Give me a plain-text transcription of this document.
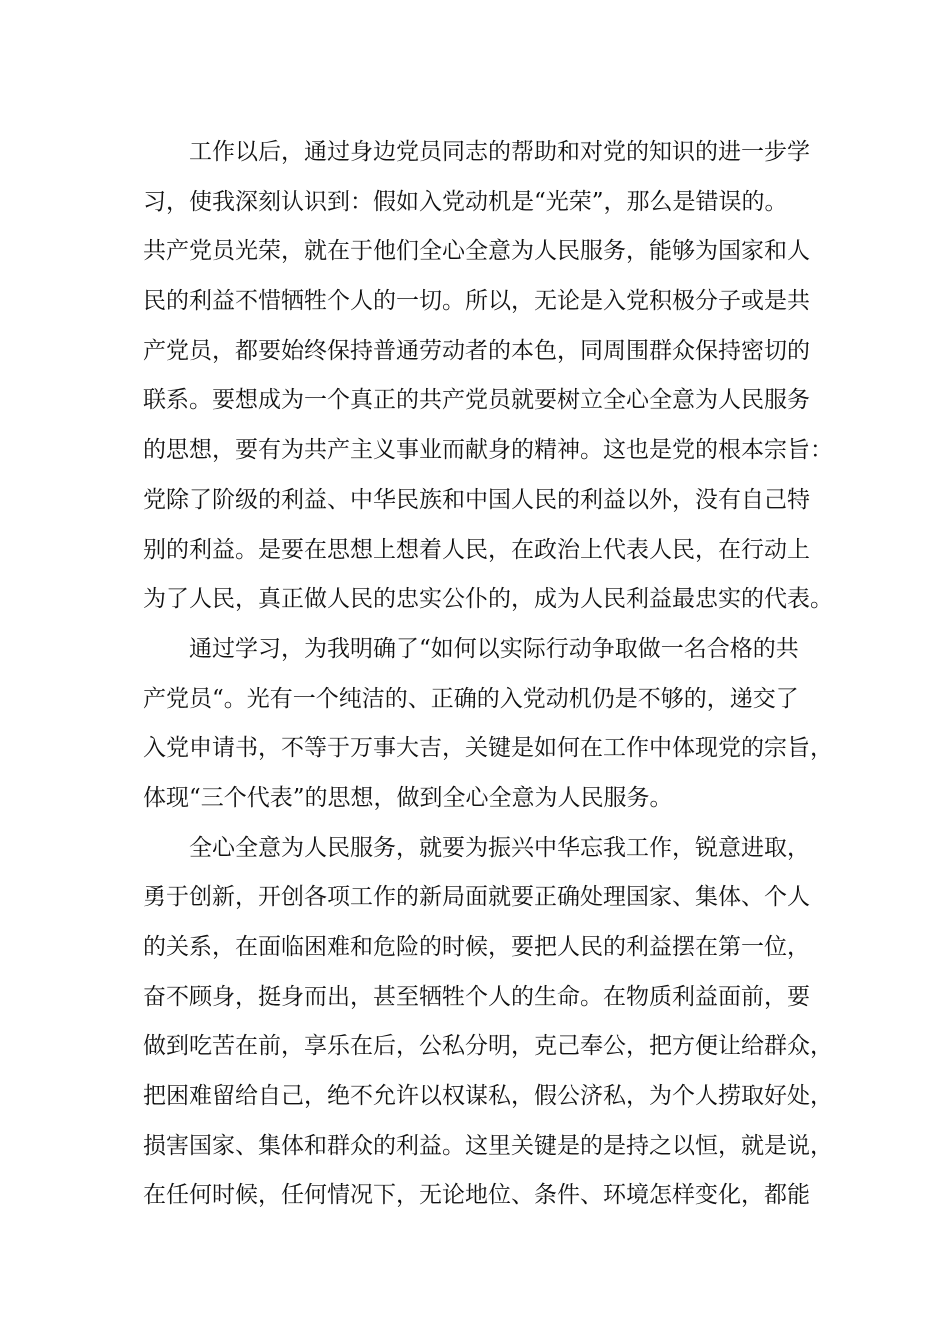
工作以后，通过身边党员同志的帮助和对党的知识的进一步学
习，使我深刻认识到：假如入党动机是“光荣”，那么是错误的。
共产党员光荣，就在于他们全心全意为人民服务，能够为国家和人
民的利益不惜牺牲个人的一切。所以，无论是入党积极分子或是共
产党员，都要始终保持普通劳动者的本色，同周围群众保持密切的
联系。要想成为一个真正的共产党员就要树立全心全意为人民服务
的思想，要有为共产主义事业而献身的精神。这也是党的根本宗旨：
党除了阶级的利益、中华民族和中国人民的利益以外，没有自己特
别的利益。是要在思想上想着人民，在政治上代表人民，在行动上
为了人民，真正做人民的忠实公仆的，成为人民利益最忠实的代表。
通过学习，为我明确了“如何以实际行动争取做一名合格的共
产党员“。光有一个纯洁的、正确的入党动机仍是不够的，递交了
入党申请书，不等于万事大吉，关键是如何在工作中体现党的宗旨，
体现“三个代表”的思想，做到全心全意为人民服务。
全心全意为人民服务，就要为振兴中华忘我工作，锐意进取，
勇于创新，开创各项工作的新局面就要正确处理国家、集体、个人
的关系，在面临困难和危险的时候，要把人民的利益摆在第一位，
奋不顾身，挺身而出，甚至牺牲个人的生命。在物质利益面前，要
做到吃苦在前，享乐在后，公私分明，克己奉公，把方便让给群众，
把困难留给自己，绝不允许以权谋私，假公济私，为个人捞取好处，
损害国家、集体和群众的利益。这里关键是的是持之以恒，就是说，
在任何时候，任何情况下，无论地位、条件、环境怎样变化，都能
